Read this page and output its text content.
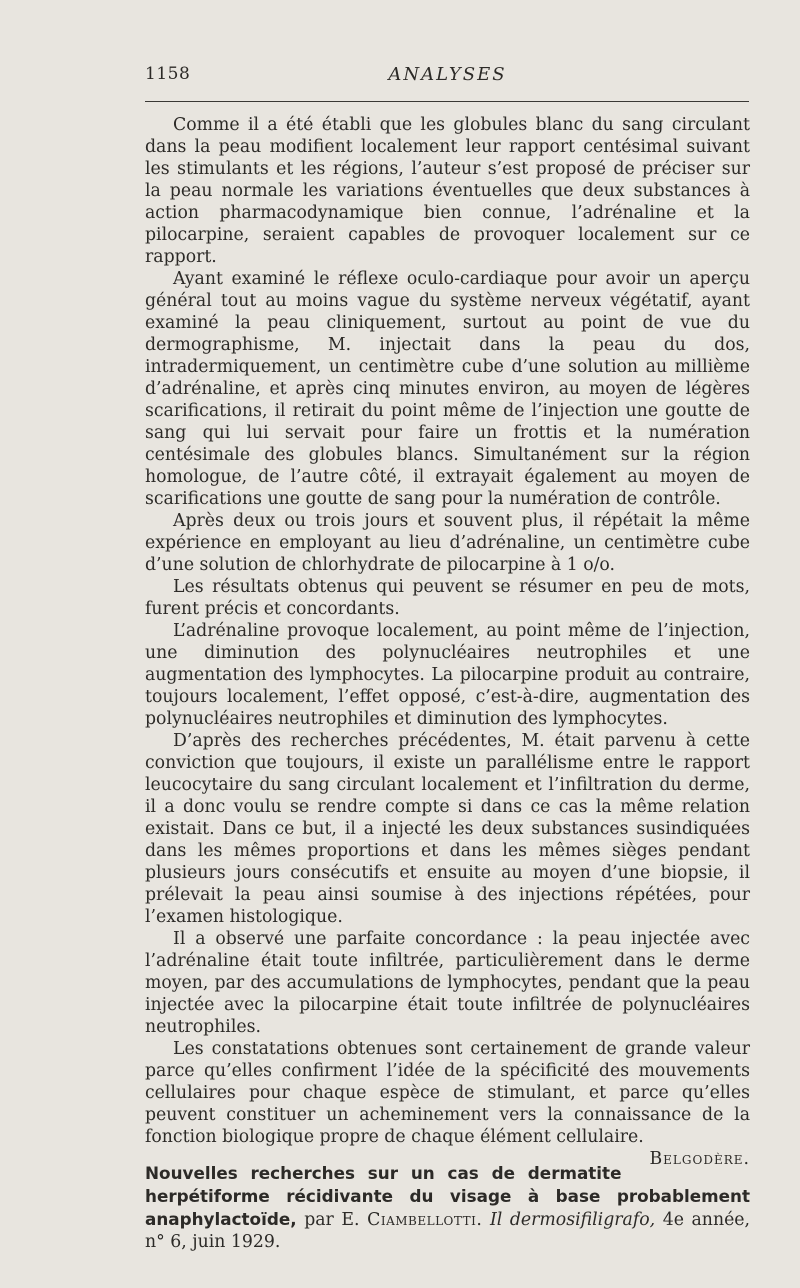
1158	ANALYSES

Comme il a été établi que les globules blanc du sang circulant dans la peau modifient localement leur rapport centésimal suivant les stimulants et les régions, l’auteur s’est proposé de préciser sur la peau normale les variations éventuelles que deux substances à action pharmacodynamique bien connue, l’adrénaline et la pilocarpine, seraient capables de provoquer localement sur ce rapport.

Ayant examiné le réflexe oculo-cardiaque pour avoir un aperçu général tout au moins vague du système nerveux végétatif, ayant examiné la peau cliniquement, surtout au point de vue du dermographisme, M. injectait dans la peau du dos, intradermiquement, un centimètre cube d’une solution au millième d’adrénaline, et après cinq minutes environ, au moyen de légères scarifications, il retirait du point même de l’injection une goutte de sang qui lui servait pour faire un frottis et la numération centésimale des globules blancs. Simultanément sur la région homologue, de l’autre côté, il extrayait également au moyen de scarifications une goutte de sang pour la numération de contrôle.

Après deux ou trois jours et souvent plus, il répétait la même expérience en employant au lieu d’adrénaline, un centimètre cube d’une solution de chlorhydrate de pilocarpine à 1 o/o.

Les résultats obtenus qui peuvent se résumer en peu de mots, furent précis et concordants.

L’adrénaline provoque localement, au point même de l’injection, une diminution des polynucléaires neutrophiles et une augmentation des lymphocytes. La pilocarpine produit au contraire, toujours localement, l’effet opposé, c’est-à-dire, augmentation des polynucléaires neutrophiles et diminution des lymphocytes.

D’après des recherches précédentes, M. était parvenu à cette conviction que toujours, il existe un parallélisme entre le rapport leucocytaire du sang circulant localement et l’infiltration du derme, il a donc voulu se rendre compte si dans ce cas la même relation existait. Dans ce but, il a injecté les deux substances susindiquées dans les mêmes proportions et dans les mêmes sièges pendant plusieurs jours consécutifs et ensuite au moyen d’une biopsie, il prélevait la peau ainsi soumise à des injections répétées, pour l’examen histologique.

Il a observé une parfaite concordance : la peau injectée avec l’adrénaline était toute infiltrée, particulièrement dans le derme moyen, par des accumulations de lymphocytes, pendant que la peau injectée avec la pilocarpine était toute infiltrée de polynucléaires neutrophiles.

Les constatations obtenues sont certainement de grande valeur parce qu’elles confirment l’idée de la spécificité des mouvements cellulaires pour chaque espèce de stimulant, et parce qu’elles peuvent constituer un acheminement vers la connaissance de la fonction biologique propre de chaque élément cellulaire.
Belgodère.

Nouvelles recherches sur un cas de dermatite herpétiforme récidivante du visage à base probablement anaphylactoïde, par E. Ciambellotti. Il dermosifiligrafo, 4e année, n° 6, juin 1929.
